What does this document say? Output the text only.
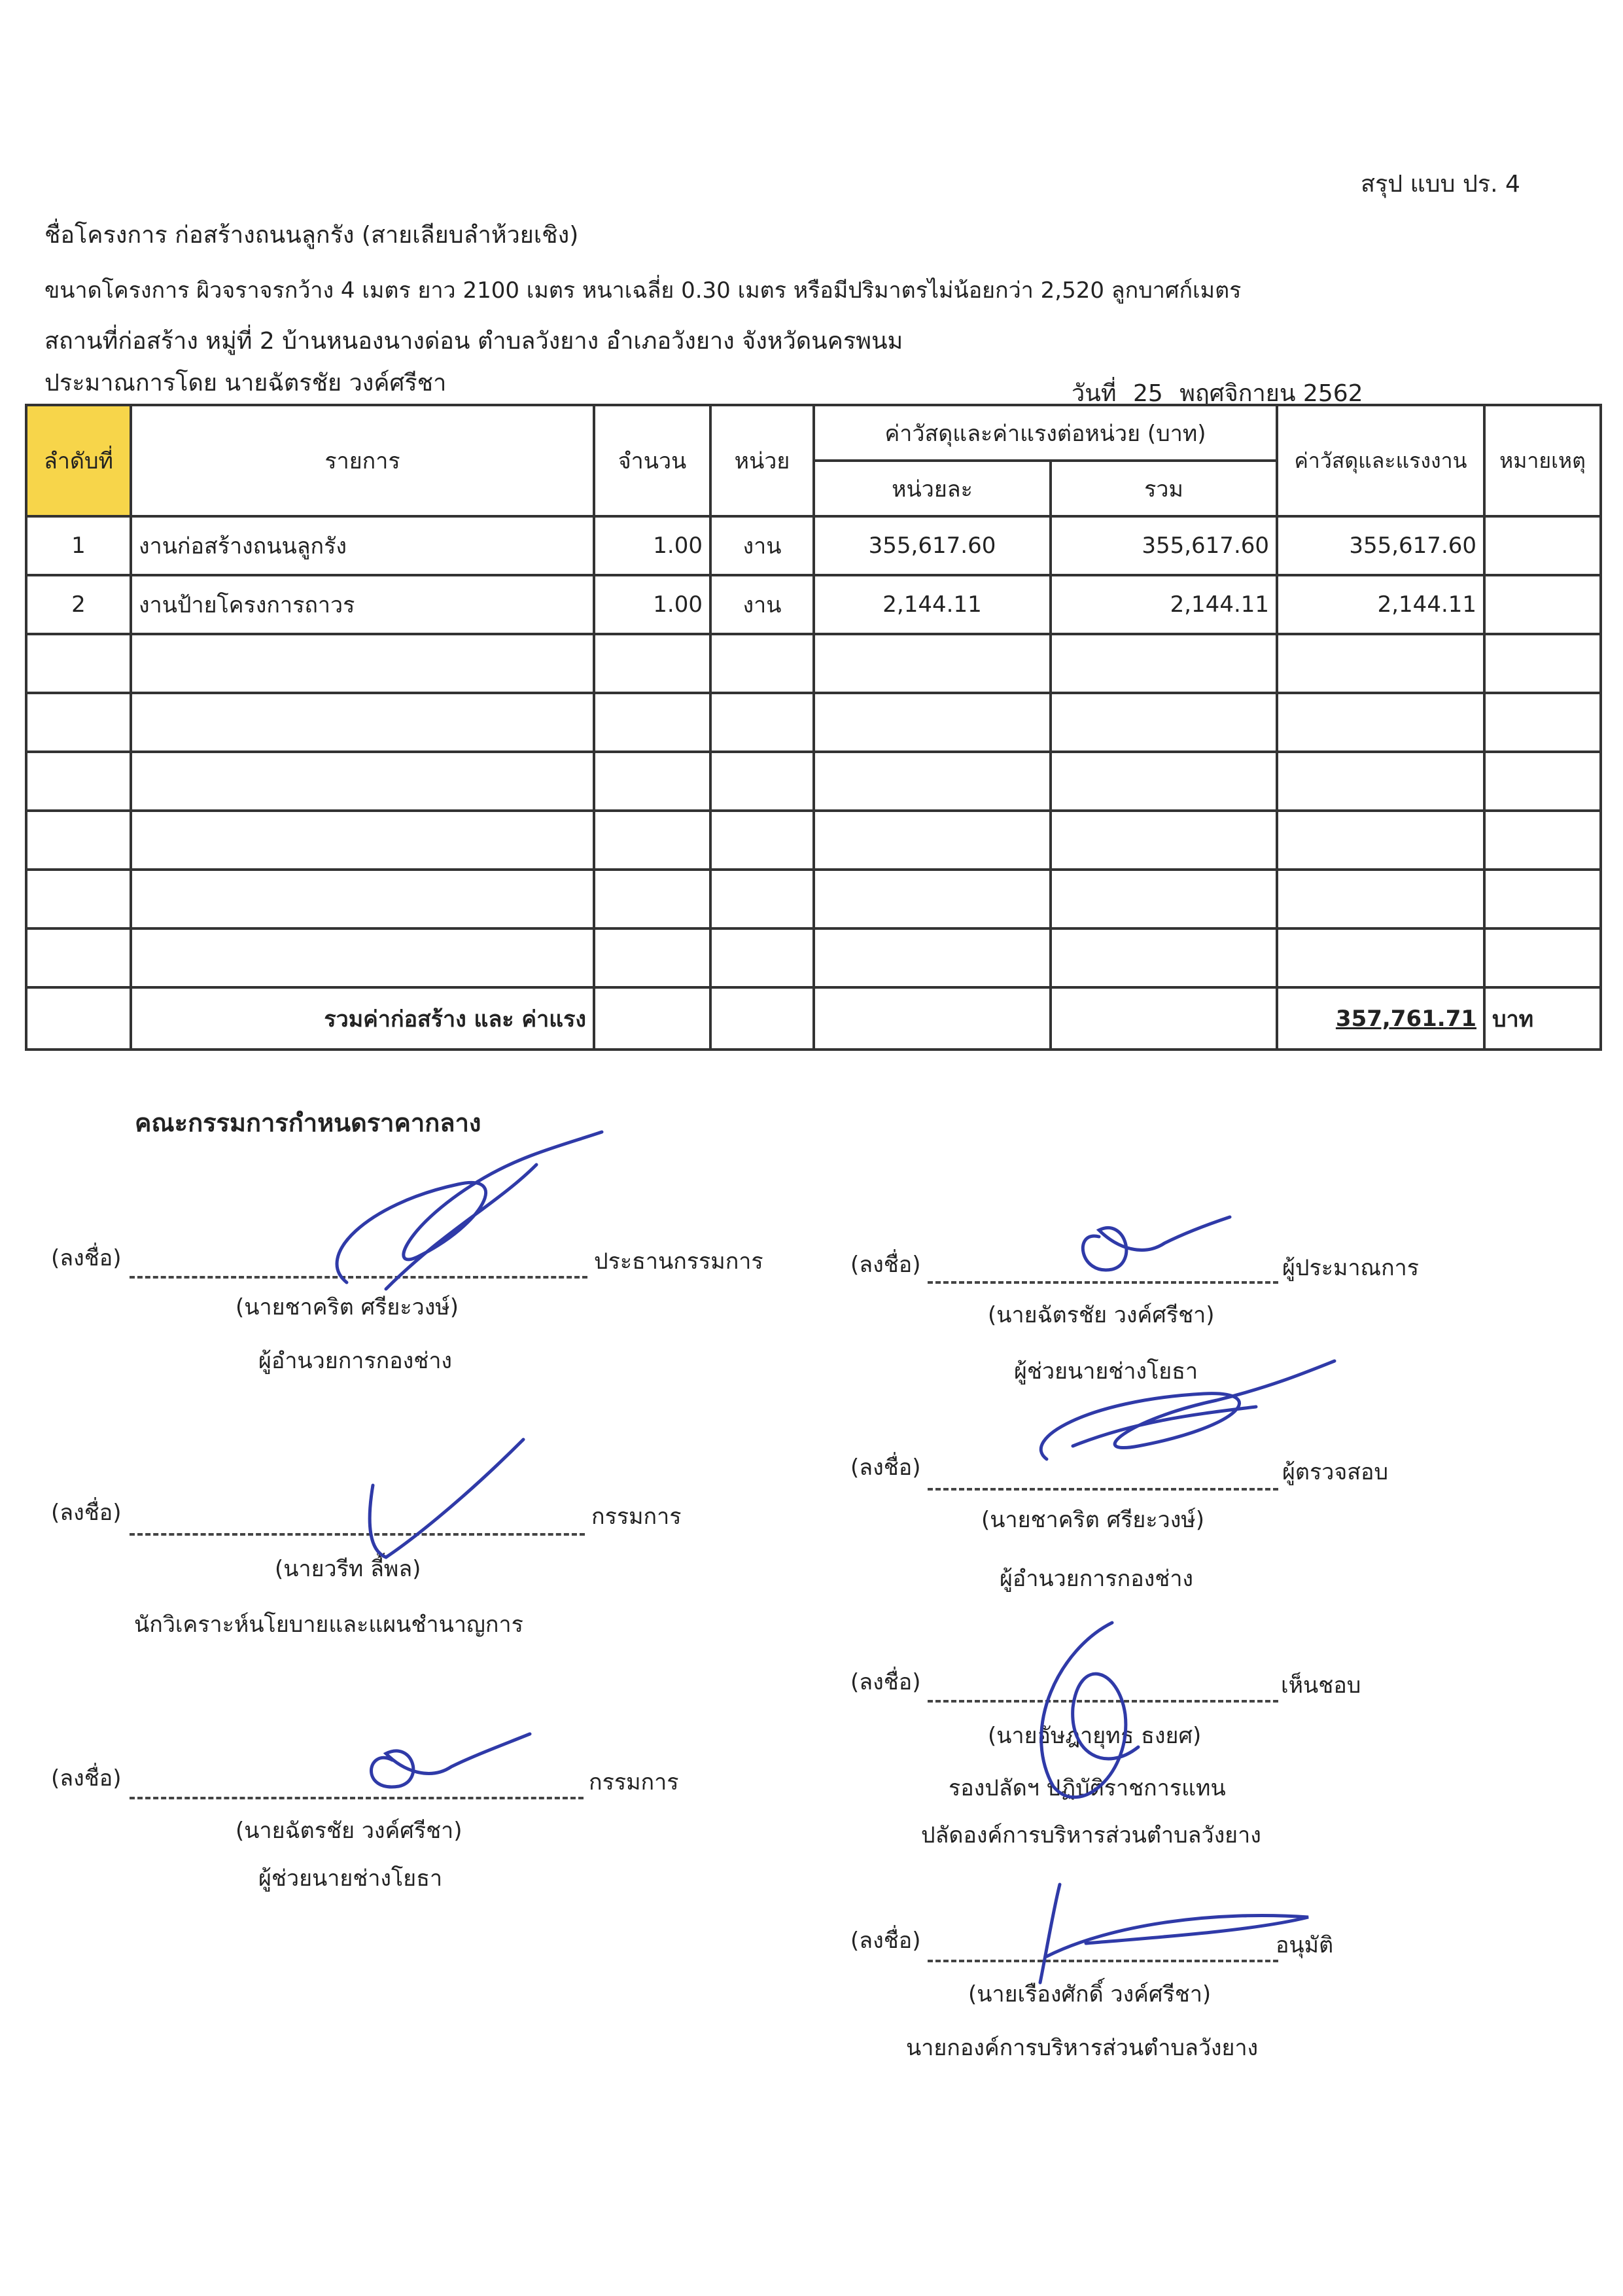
สรุป แบบ ปร. 4
ชื่อโครงการ ก่อสร้างถนนลูกรัง (สายเลียบลำห้วยเชิง)
ขนาดโครงการ ผิวจราจรกว้าง 4 เมตร ยาว 2100 เมตร หนาเฉลี่ย 0.30 เมตร หรือมีปริมาตรไม่น้อยกว่า 2,520 ลูกบาศก์เมตร
สถานที่ก่อสร้าง หมู่ที่ 2 บ้านหนองนางด่อน ตำบลวังยาง อำเภอวังยาง จังหวัดนครพนม
ประมาณการโดย นายฉัตรชัย วงค์ศรีชา	วันที่ 25 พฤศจิกายน 2562
ลำดับที่	รายการ	จำนวน	หน่วย	ค่าวัสดุและค่าแรงต่อหน่วย (บาท)		ค่าวัสดุและแรงงาน	หมายเหตุ
				หน่วยละ	รวม		
1	งานก่อสร้างถนนลูกรัง	1.00	งาน	355,617.60	355,617.60	355,617.60	
2	งานป้ายโครงการถาวร	1.00	งาน	2,144.11	2,144.11	2,144.11	

	รวมค่าก่อสร้าง และ ค่าแรง					357,761.71	บาท
คณะกรรมการกำหนดราคากลาง
(ลงชื่อ)	ประธานกรรมการ
(นายชาคริต ศรียะวงษ์)
ผู้อำนวยการกองช่าง
(ลงชื่อ)	กรรมการ
(นายวรีท ลี้พล)
นักวิเคราะห์นโยบายและแผนชำนาญการ
(ลงชื่อ)	กรรมการ
(นายฉัตรชัย วงค์ศรีชา)
ผู้ช่วยนายช่างโยธา
(ลงชื่อ)	ผู้ประมาณการ
(นายฉัตรชัย วงค์ศรีชา)
ผู้ช่วยนายช่างโยธา
(ลงชื่อ)	ผู้ตรวจสอบ
(นายชาคริต ศรียะวงษ์)
ผู้อำนวยการกองช่าง
(ลงชื่อ)	เห็นชอบ
(นายอัษฎายุทธ ธงยศ)
รองปลัดฯ ปฏิบัติราชการแทน
ปลัดองค์การบริหารส่วนตำบลวังยาง
(ลงชื่อ)	อนุมัติ
(นายเรืองศักดิ์ วงค์ศรีชา)
นายกองค์การบริหารส่วนตำบลวังยาง
